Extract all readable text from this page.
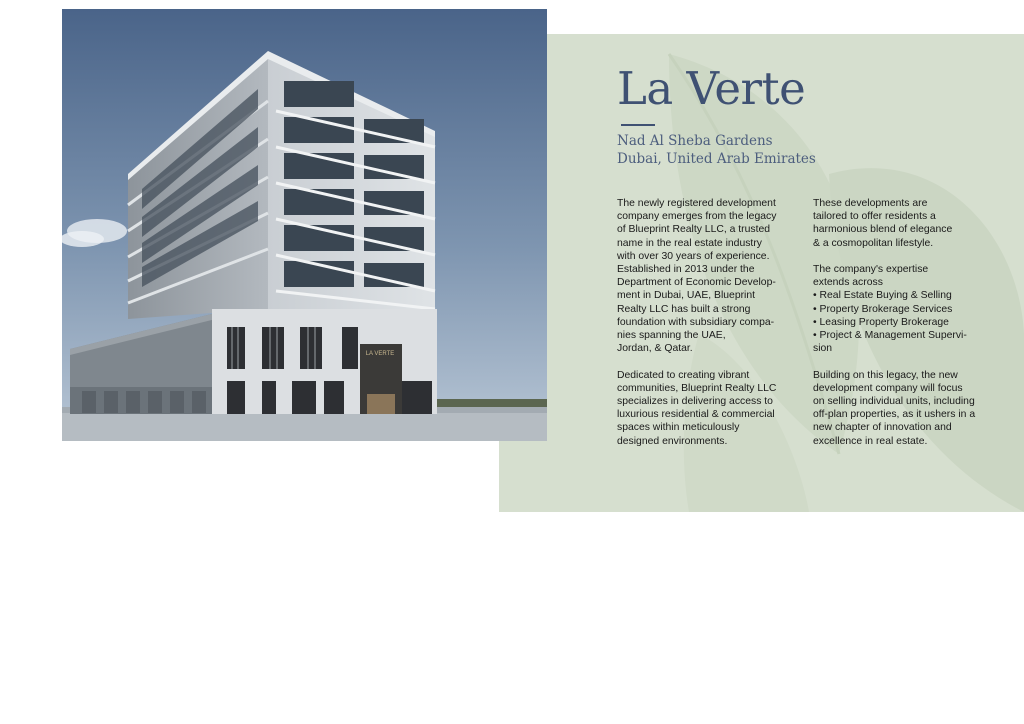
LA VERTE
La Verte
Nad Al Sheba Gardens
Dubai, United Arab Emirates

The newly registered development
company emerges from the legacy
of Blueprint Realty LLC, a trusted
name in the real estate industry
with over 30 years of experience.
Established in 2013 under the
Department of Economic Develop-
ment in Dubai, UAE, Blueprint
Realty LLC has built a strong
foundation with subsidiary compa-
nies spanning the UAE,
Jordan, & Qatar.

Dedicated to creating vibrant
communities, Blueprint Realty LLC
specializes in delivering access to
luxurious residential & commercial
spaces within meticulously
designed environments.

These developments are
tailored to offer residents a
harmonious blend of elegance
& a cosmopolitan lifestyle.

The company's expertise
extends across
• Real Estate Buying & Selling
• Property Brokerage Services
• Leasing Property Brokerage
• Project & Management Supervi-
sion

Building on this legacy, the new
development company will focus
on selling individual units, including
off-plan properties, as it ushers in a
new chapter of innovation and
excellence in real estate.
